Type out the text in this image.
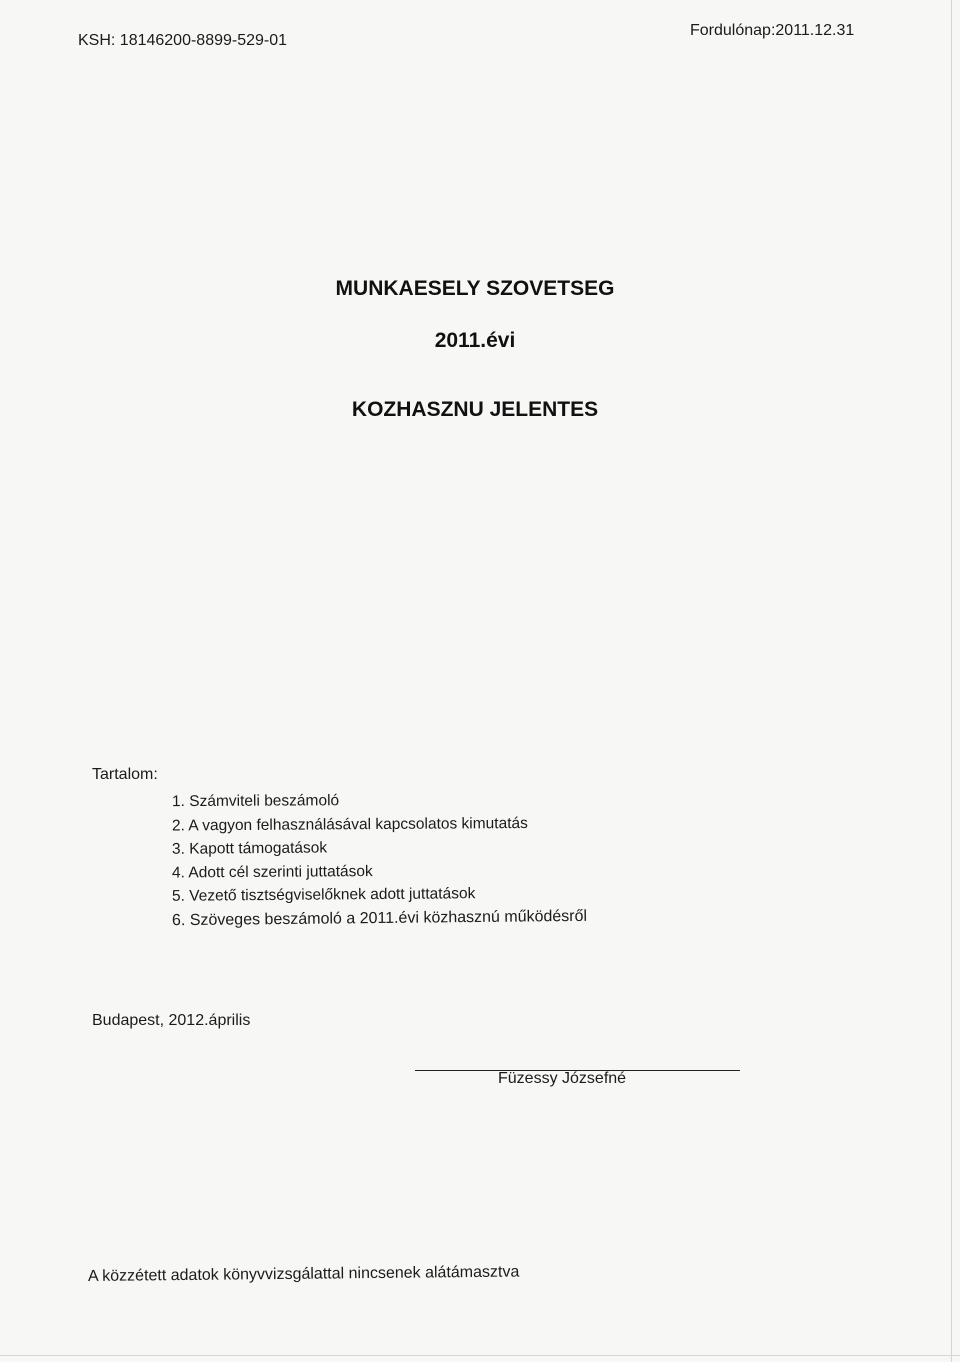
KSH: 18146200-8899-529-01
Fordulónap:2011.12.31
MUNKAESELY SZOVETSEG
2011.évi
KOZHASZNU JELENTES
Tartalom:
1. Számviteli beszámoló
2. A vagyon felhasználásával kapcsolatos kimutatás
3. Kapott támogatások
4. Adott cél szerinti juttatások
5. Vezető tisztségviselőknek adott juttatások
6. Szöveges beszámoló a 2011.évi közhasznú működésről
Budapest, 2012.április
Füzessy Józsefné
A közzétett adatok könyvvizsgálattal nincsenek alátámasztva
